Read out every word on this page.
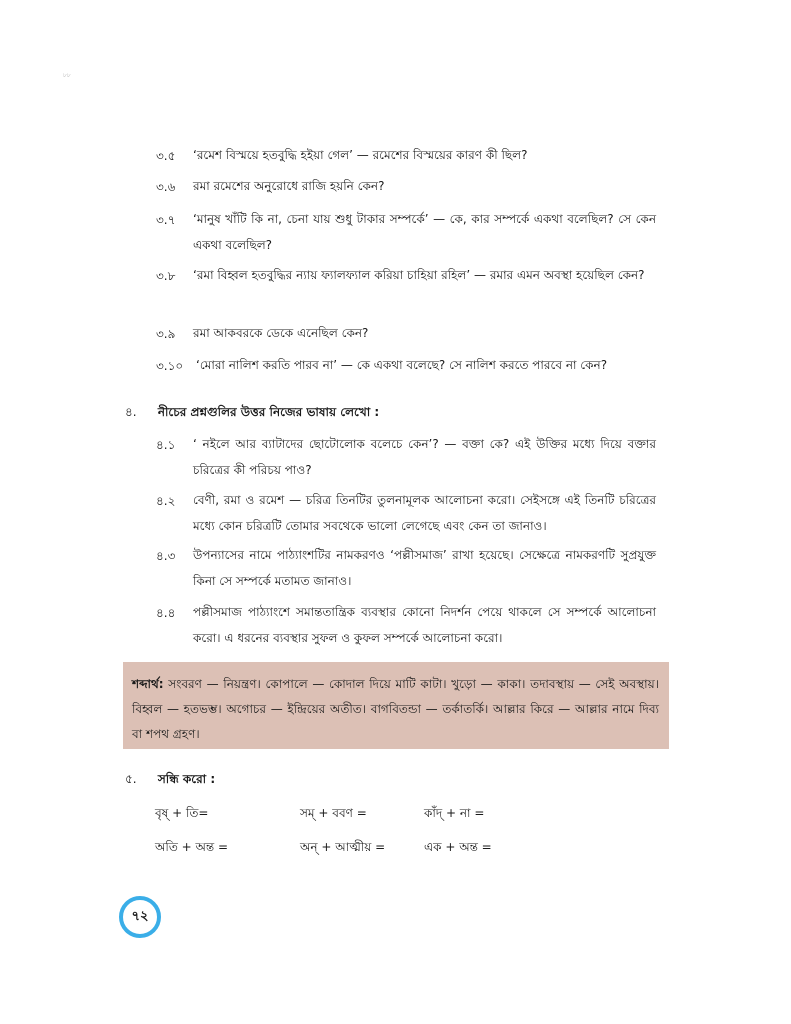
৮৮
৩.৫ ‘রমেশ বিস্ময়ে হতবুদ্ধি হইয়া গেল’ — রমেশের বিস্ময়ের কারণ কী ছিল?
৩.৬ রমা রমেশের অনুরোধে রাজি হয়নি কেন?
৩.৭ ‘মানুষ খাঁটি কি না, চেনা যায় শুধু টাকার সম্পর্কে’ — কে, কার সম্পর্কে একথা বলেছিল? সে কেন একথা বলেছিল?
৩.৮ ‘রমা বিহ্বল হতবুদ্ধির ন্যায় ফ্যালফ্যাল করিয়া চাহিয়া রহিল’ — রমার এমন অবস্থা হয়েছিল কেন?
৩.৯ রমা আকবরকে ডেকে এনেছিল কেন?
৩.১০ ‘মোরা নালিশ করতি পারব না’ — কে একথা বলেছে? সে নালিশ করতে পারবে না কেন?
৪. নীচের প্রশ্নগুলির উত্তর নিজের ভাষায় লেখো :
৪.১ ‘ নইলে আর ব্যাটাদের ছোটোলোক বলেচে কেন’? — বক্তা কে? এই উক্তির মধ্যে দিয়ে বক্তার চরিত্রের কী পরিচয় পাও?
৪.২ বেণী, রমা ও রমেশ — চরিত্র তিনটির তুলনামূলক আলোচনা করো। সেইসঙ্গে এই তিনটি চরিত্রের মধ্যে কোন চরিত্রটি তোমার সবথেকে ভালো লেগেছে এবং কেন তা জানাও।
৪.৩ উপন্যাসের নামে পাঠ্যাংশটির নামকরণও ‘পল্লীসমাজ’ রাখা হয়েছে। সেক্ষেত্রে নামকরণটি সুপ্রযুক্ত কিনা সে সম্পর্কে মতামত জানাও।
৪.৪ পল্লীসমাজ পাঠ্যাংশে সমান্ততান্ত্রিক ব্যবস্থার কোনো নিদর্শন পেয়ে থাকলে সে সম্পর্কে আলোচনা করো। এ ধরনের ব্যবস্থার সুফল ও কুফল সম্পর্কে আলোচনা করো।
শব্দার্থ: সংবরণ — নিয়ন্ত্রণ। কোপালে — কোদাল দিয়ে মাটি কাটা। খুড়ো — কাকা। তদাবস্থায় — সেই অবস্থায়। বিহ্বল — হতভম্ভ। অগোচর — ইন্দ্রিয়ের অতীত। বাগবিতন্ডা — তর্কাতর্কি। আল্লার কিরে — আল্লার নামে দিব্য বা শপথ গ্রহণ।
৫. সন্ধি করো :
বৃষ্‌ + তি=	সম্‌ + ববণ =	কাঁদ্‌ + না =
অতি + অন্ত =	অন্‌ + আত্মীয় =	এক + অন্ত =
৭২
